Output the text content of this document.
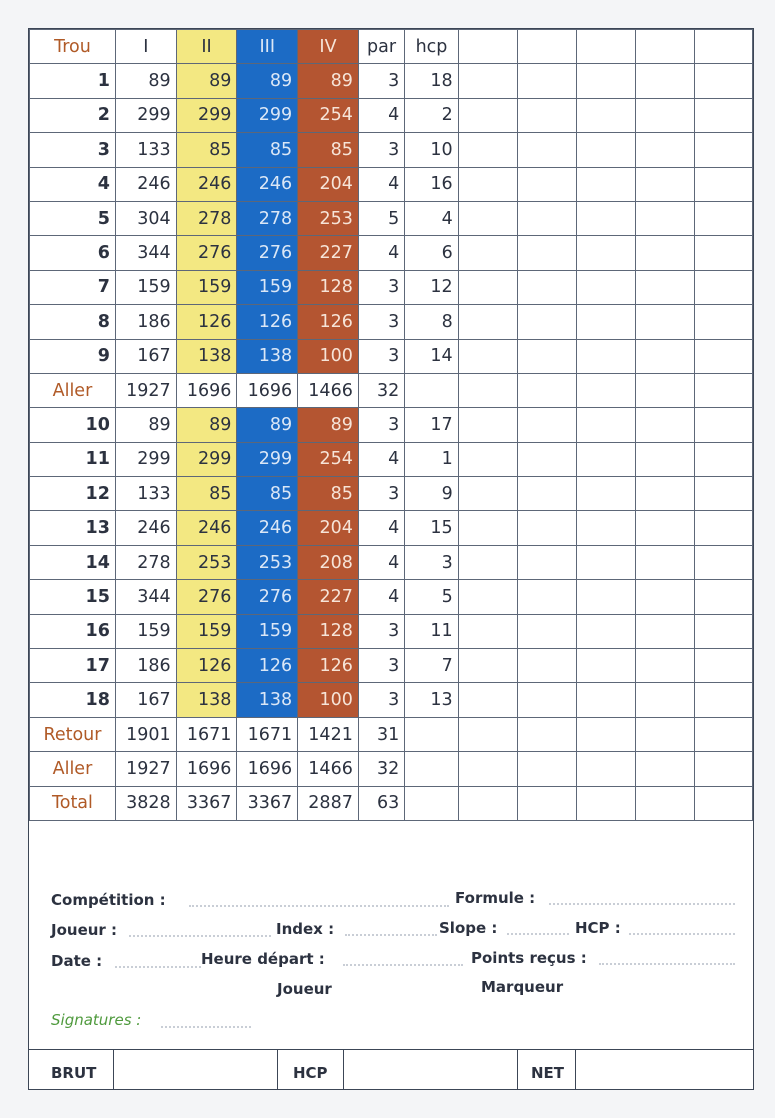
Trou	I	II	III	IV	par	hcp					
1	89	89	89	89	3	18					
2	299	299	299	254	4	2					
3	133	85	85	85	3	10					
4	246	246	246	204	4	16					
5	304	278	278	253	5	4					
6	344	276	276	227	4	6					
7	159	159	159	128	3	12					
8	186	126	126	126	3	8					
9	167	138	138	100	3	14					
Aller	1927	1696	1696	1466	32						
10	89	89	89	89	3	17					
11	299	299	299	254	4	1					
12	133	85	85	85	3	9					
13	246	246	246	204	4	15					
14	278	253	253	208	4	3					
15	344	276	276	227	4	5					
16	159	159	159	128	3	11					
17	186	126	126	126	3	7					
18	167	138	138	100	3	13					
Retour	1901	1671	1671	1421	31						
Aller	1927	1696	1696	1466	32						
Total	3828	3367	3367	2887	63						
Compétition :	Formule :
Joueur :	Index :	Slope :	HCP :
Date :	Heure départ :	Points reçus :
Joueur	Marqueur
Signatures :
BRUT	HCP	NET
